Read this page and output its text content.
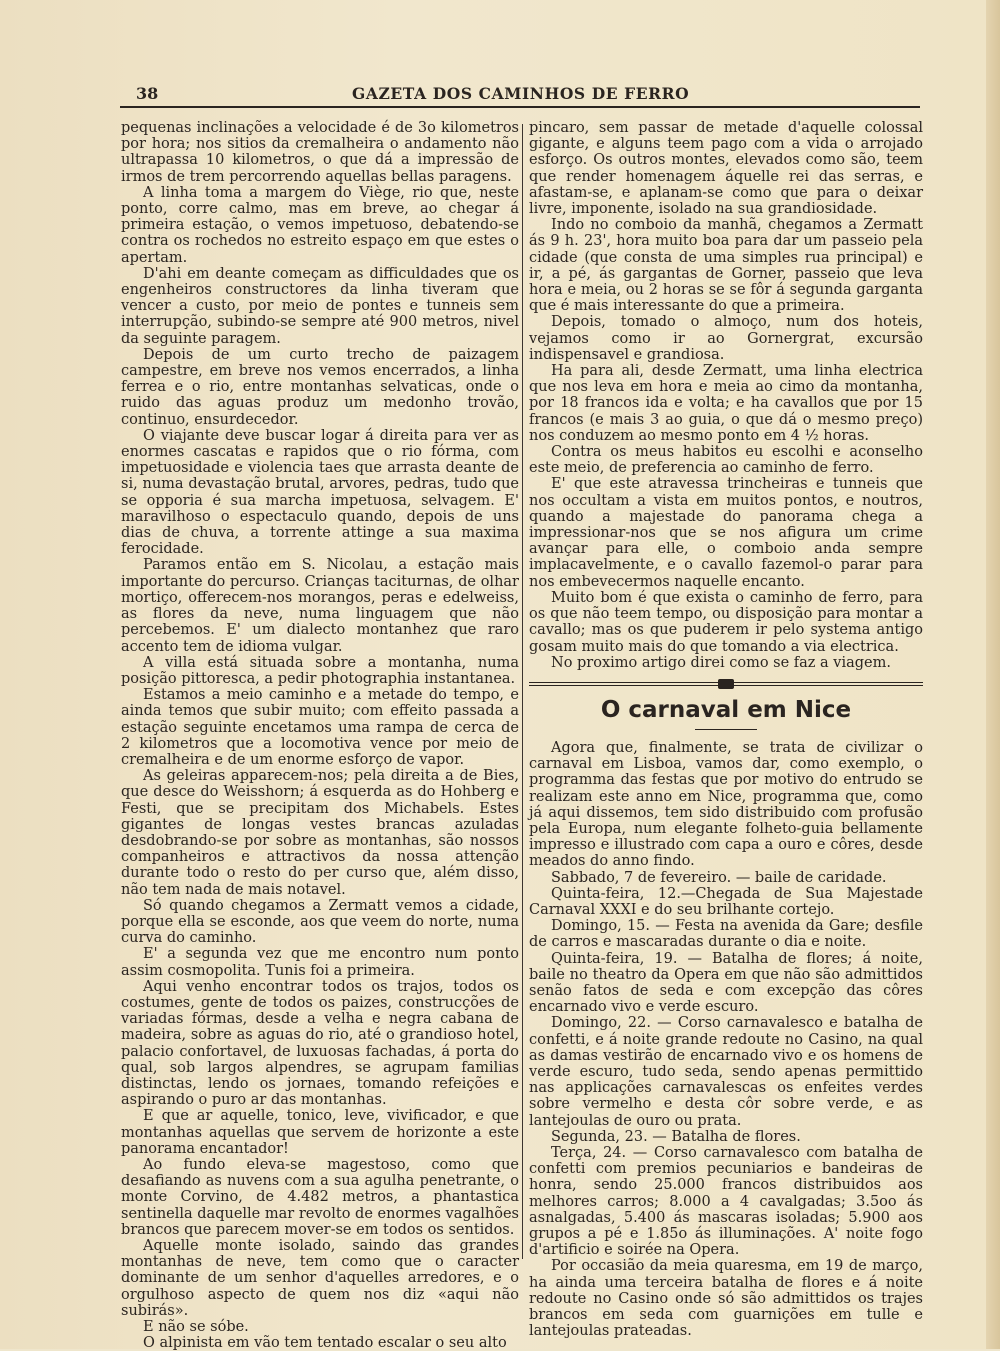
38	GAZETA DOS CAMINHOS DE FERRO

pequenas inclinações a velocidade é de 3o kilometros por hora; nos sitios da cremalheira o andamento não ultrapassa 10 kilometros, o que dá a impressão de irmos de trem percorrendo aquellas bellas paragens.

A linha toma a margem do Viège, rio que, neste ponto, corre calmo, mas em breve, ao chegar á primeira estação, o vemos impetuoso, debatendo-se contra os rochedos no estreito espaço em que estes o apertam.

D'ahi em deante começam as difficuldades que os engenheiros constructores da linha tiveram que vencer a custo, por meio de pontes e tunneis sem interrupção, subindo-se sempre até 900 metros, nivel da seguinte paragem.

Depois de um curto trecho de paizagem campestre, em breve nos vemos encerrados, a linha ferrea e o rio, entre montanhas selvaticas, onde o ruido das aguas produz um medonho trovão, continuo, ensurdecedor.

O viajante deve buscar logar á direita para ver as enormes cascatas e rapidos que o rio fórma, com impetuosidade e violencia taes que arrasta deante de si, numa devastação brutal, arvores, pedras, tudo que se opporia é sua marcha impetuosa, selvagem. E' maravilhoso o espectaculo quando, depois de uns dias de chuva, a torrente attinge a sua maxima ferocidade.

Paramos então em S. Nicolau, a estação mais importante do percurso. Crianças taciturnas, de olhar mortiço, offerecem-nos morangos, peras e edelweiss, as flores da neve, numa linguagem que não percebemos. E' um dialecto montanhez que raro accento tem de idioma vulgar.

A villa está situada sobre a montanha, numa posição pittoresca, a pedir photographia instantanea.

Estamos a meio caminho e a metade do tempo, e ainda temos que subir muito; com effeito passada a estação seguinte encetamos uma rampa de cerca de 2 kilometros que a locomotiva vence por meio de cremalheira e de um enorme esforço de vapor.

As geleiras apparecem-nos; pela direita a de Bies, que desce do Weisshorn; á esquerda as do Hohberg e Festi, que se precipitam dos Michabels. Estes gigantes de longas vestes brancas azuladas desdobrando-se por sobre as montanhas, são nossos companheiros e attractivos da nossa attenção durante todo o resto do per curso que, além disso, não tem nada de mais notavel.

Só quando chegamos a Zermatt vemos a cidade, porque ella se esconde, aos que veem do norte, numa curva do caminho.

E' a segunda vez que me encontro num ponto assim cosmopolita. Tunis foi a primeira.

Aqui venho encontrar todos os trajos, todos os costumes, gente de todos os paizes, construcções de variadas fórmas, desde a velha e negra cabana de madeira, sobre as aguas do rio, até o grandioso hotel, palacio confortavel, de luxuosas fachadas, á porta do qual, sob largos alpendres, se agrupam familias distinctas, lendo os jornaes, tomando refeições e aspirando o puro ar das montanhas.

E que ar aquelle, tonico, leve, vivificador, e que montanhas aquellas que servem de horizonte a este panorama encantador!

Ao fundo eleva-se magestoso, como que desafiando as nuvens com a sua agulha penetrante, o monte Corvino, de 4.482 metros, a phantastica sentinella daquelle mar revolto de enormes vagalhões brancos que parecem mover-se em todos os sentidos.

Aquelle monte isolado, saindo das grandes montanhas de neve, tem como que o caracter dominante de um senhor d'aquelles arredores, e o orgulhoso aspecto de quem nos diz «aqui não subirás».

E não se sóbe.

O alpinista em vão tem tentado escalar o seu alto

pincaro, sem passar de metade d'aquelle colossal gigante, e alguns teem pago com a vida o arrojado esforço. Os outros montes, elevados como são, teem que render homenagem áquelle rei das serras, e afastam-se, e aplanam-se como que para o deixar livre, imponente, isolado na sua grandiosidade.

Indo no comboio da manhã, chegamos a Zermatt ás 9 h. 23', hora muito boa para dar um passeio pela cidade (que consta de uma simples rua principal) e ir, a pé, ás gargantas de Gorner, passeio que leva hora e meia, ou 2 horas se se fôr á segunda garganta que é mais interessante do que a primeira.

Depois, tomado o almoço, num dos hoteis, vejamos como ir ao Gornergrat, excursão indispensavel e grandiosa.

Ha para ali, desde Zermatt, uma linha electrica que nos leva em hora e meia ao cimo da montanha, por 18 francos ida e volta; e ha cavallos que por 15 francos (e mais 3 ao guia, o que dá o mesmo preço) nos conduzem ao mesmo ponto em 4 ½ horas.

Contra os meus habitos eu escolhi e aconselho este meio, de preferencia ao caminho de ferro.

E' que este atravessa trincheiras e tunneis que nos occultam a vista em muitos pontos, e noutros, quando a majestade do panorama chega a impressionar-nos que se nos afigura um crime avançar para elle, o comboio anda sempre implacavelmente, e o cavallo fazemol-o parar para nos embevecermos naquelle encanto.

Muito bom é que exista o caminho de ferro, para os que não teem tempo, ou disposição para montar a cavallo; mas os que puderem ir pelo systema antigo gosam muito mais do que tomando a via electrica.

No proximo artigo direi como se faz a viagem.

O carnaval em Nice

Agora que, finalmente, se trata de civilizar o carnaval em Lisboa, vamos dar, como exemplo, o programma das festas que por motivo do entrudo se realizam este anno em Nice, programma que, como já aqui dissemos, tem sido distribuido com profusão pela Europa, num elegante folheto-guia bellamente impresso e illustrado com capa a ouro e côres, desde meados do anno findo.

Sabbado, 7 de fevereiro. — baile de caridade.

Quinta-feira, 12.—Chegada de Sua Majestade Carnaval XXXI e do seu brilhante cortejo.

Domingo, 15. — Festa na avenida da Gare; desfile de carros e mascaradas durante o dia e noite.

Quinta-feira, 19. — Batalha de flores; á noite, baile no theatro da Opera em que não são admittidos senão fatos de seda e com excepção das côres encarnado vivo e verde escuro.

Domingo, 22. — Corso carnavalesco e batalha de confetti, e á noite grande redoute no Casino, na qual as damas vestirão de encarnado vivo e os homens de verde escuro, tudo seda, sendo apenas permittido nas applicações carnavalescas os enfeites verdes sobre vermelho e desta côr sobre verde, e as lantejoulas de ouro ou prata.

Segunda, 23. — Batalha de flores.

Terça, 24. — Corso carnavalesco com batalha de confetti com premios pecuniarios e bandeiras de honra, sendo 25.000 francos distribuidos aos melhores carros; 8.000 a 4 cavalgadas; 3.5oo ás asnalgadas, 5.400 ás mascaras isoladas; 5.900 aos grupos a pé e 1.85o ás illuminações. A' noite fogo d'artificio e soirée na Opera.

Por occasião da meia quaresma, em 19 de março, ha ainda uma terceira batalha de flores e á noite redoute no Casino onde só são admittidos os trajes brancos em seda com guarnições em tulle e lantejoulas prateadas.
